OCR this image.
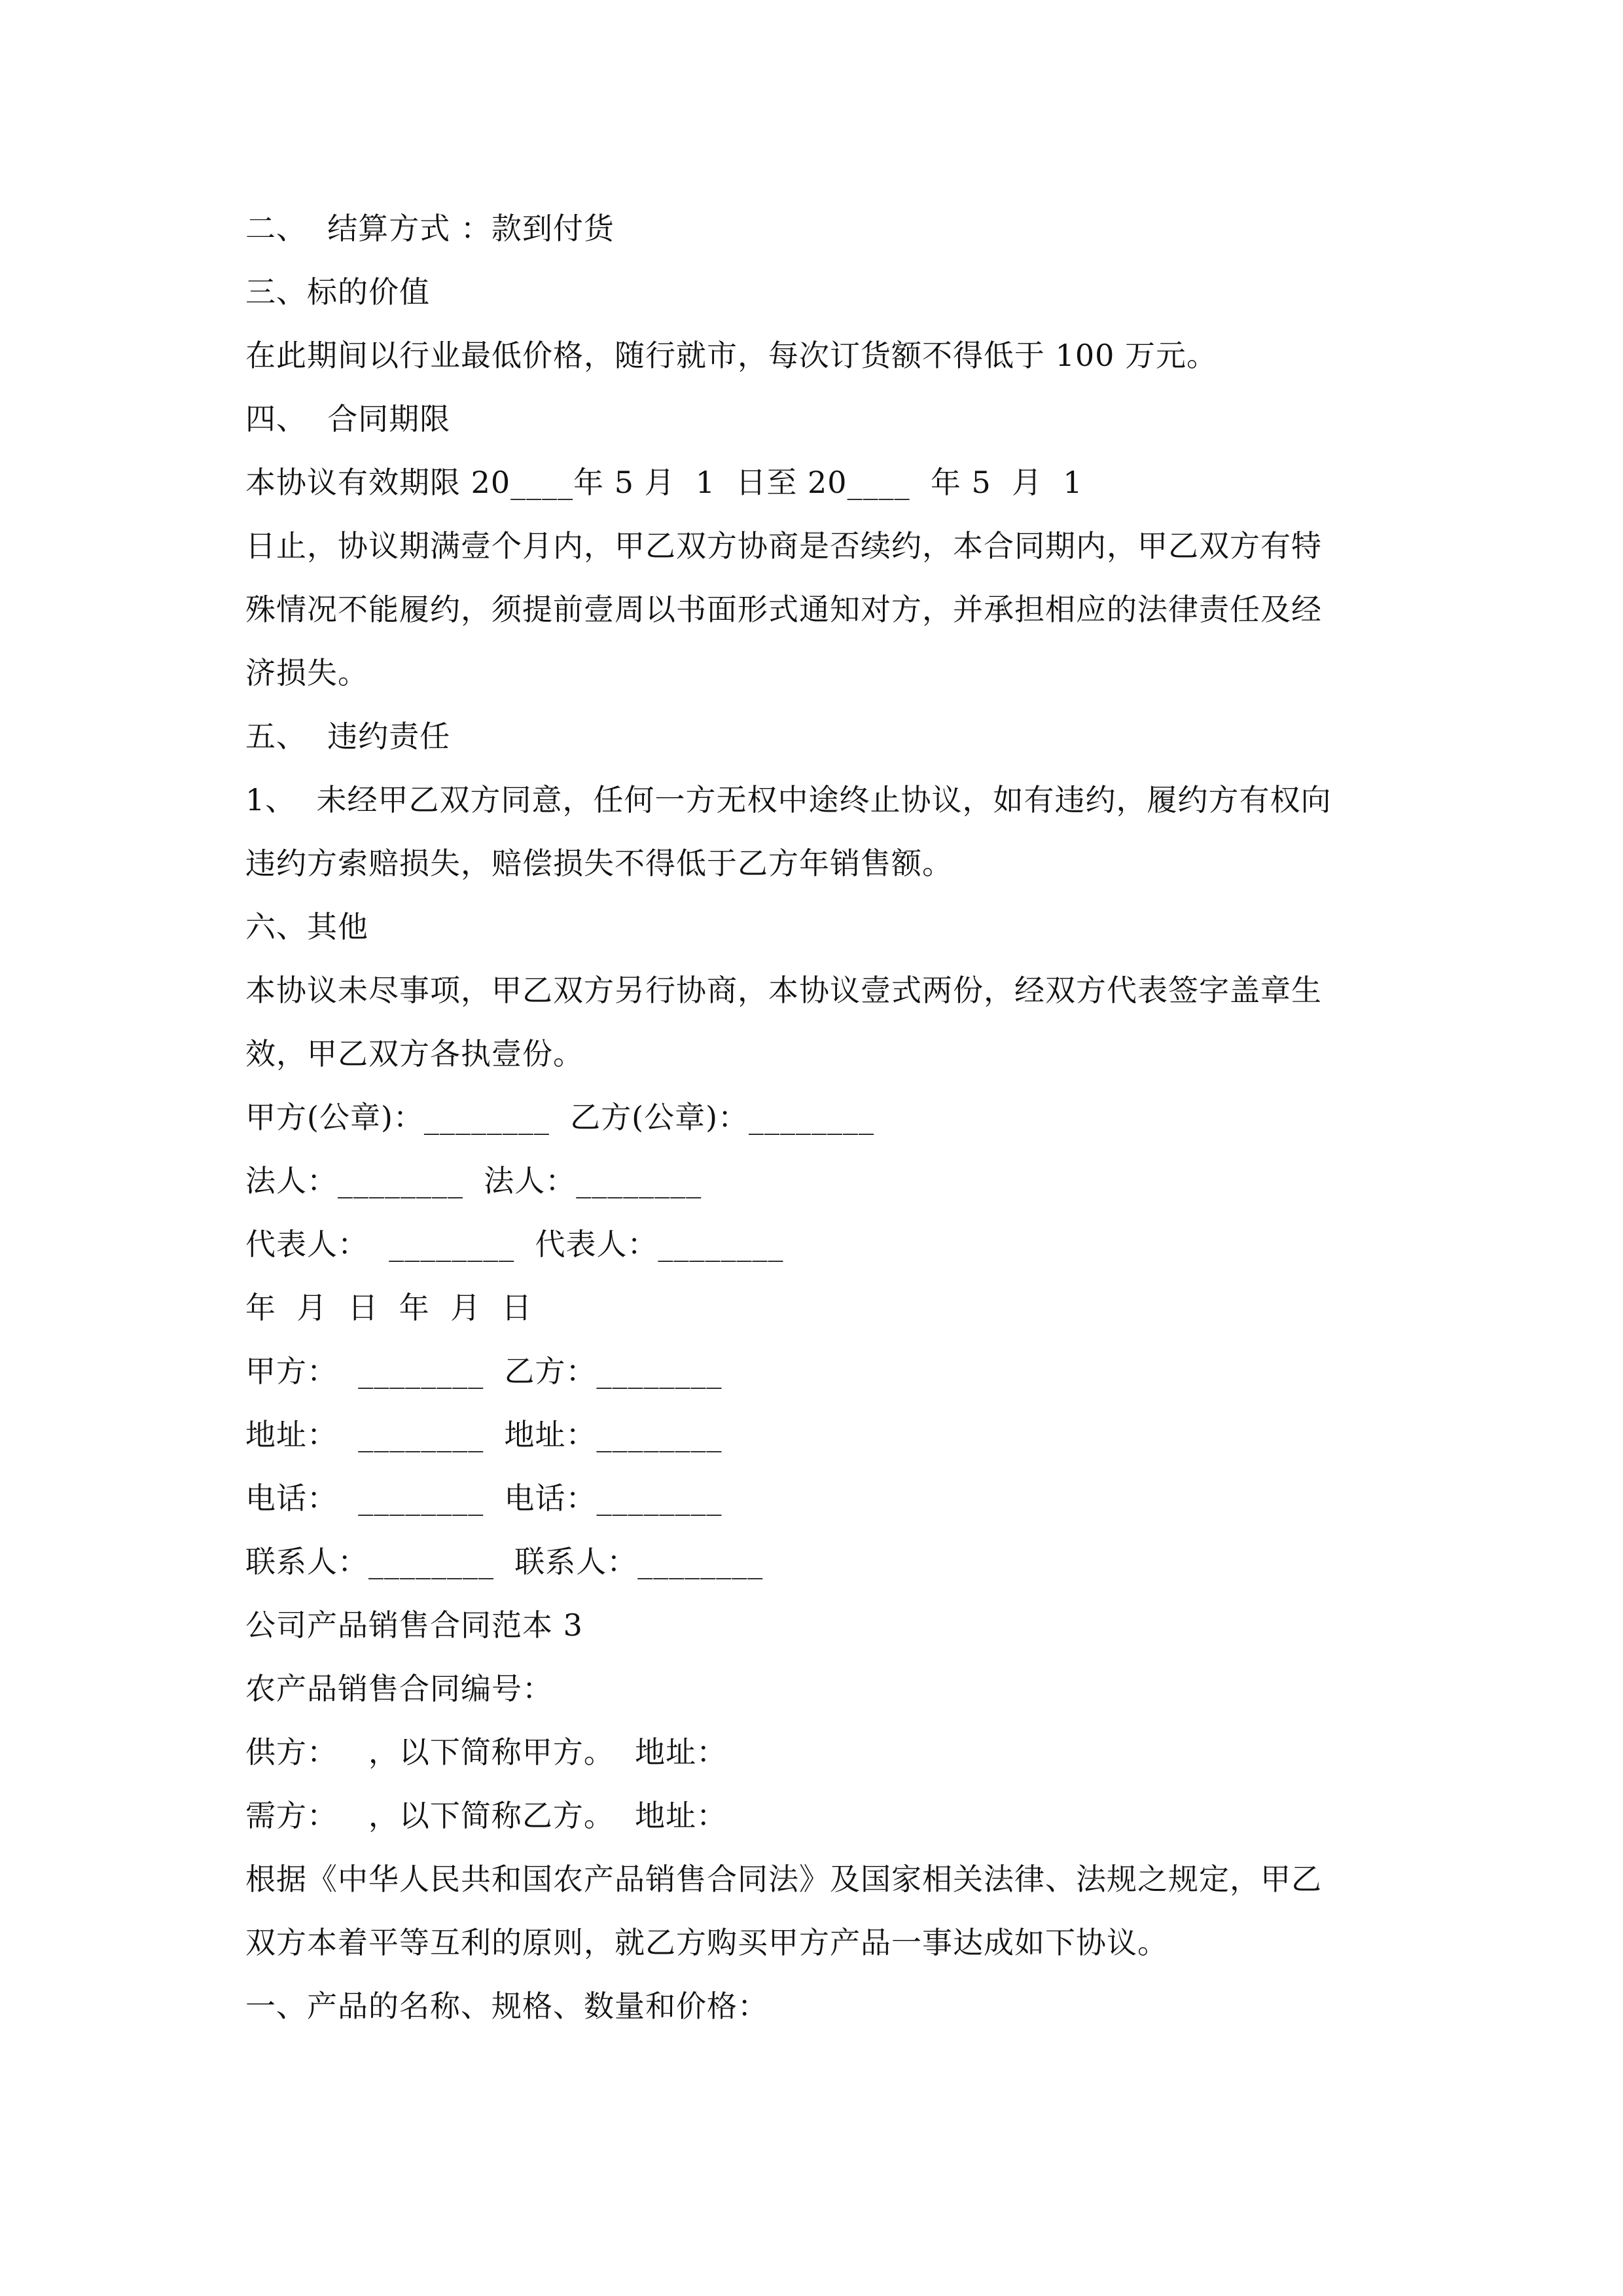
二、  结算方式 ：款到付货
三、标的价值
在此期间以行业最低价格，随行就市，每次订货额不得低于 100 万元。
四、  合同期限
本协议有效期限 20____年 5 月  1  日至 20____  年 5  月  1
日止，协议期满壹个月内，甲乙双方协商是否续约，本合同期内，甲乙双方有特
殊情况不能履约，须提前壹周以书面形式通知对方，并承担相应的法律责任及经
济损失。
五、  违约责任
1、  未经甲乙双方同意，任何一方无权中途终止协议，如有违约，履约方有权向
违约方索赔损失，赔偿损失不得低于乙方年销售额。
六、其他
本协议未尽事项，甲乙双方另行协商，本协议壹式两份，经双方代表签字盖章生
效，甲乙双方各执壹份。
甲方(公章)：________  乙方(公章)：________
法人：________  法人：________
代表人：  ________  代表人：________
年  月  日  年  月  日
甲方：  ________  乙方：________
地址：  ________  地址：________
电话：  ________  电话：________
联系人：________  联系人：________
公司产品销售合同范本 3
农产品销售合同编号：
供方：   ，以下简称甲方。  地址：
需方：   ，以下简称乙方。  地址：
根据《中华人民共和国农产品销售合同法》及国家相关法律、法规之规定，甲乙
双方本着平等互利的原则，就乙方购买甲方产品一事达成如下协议。
一、产品的名称、规格、数量和价格：
